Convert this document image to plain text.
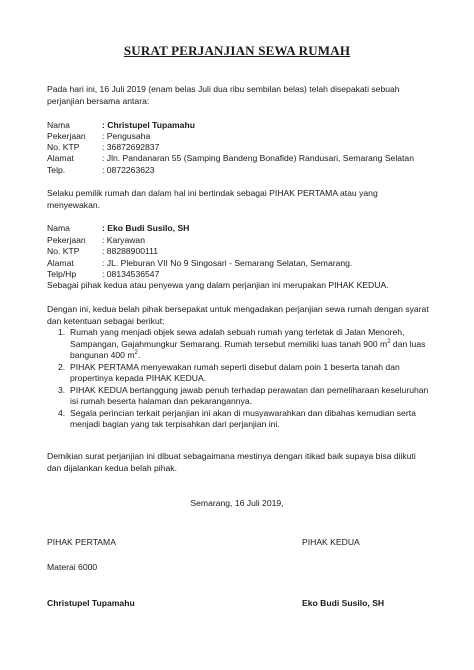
SURAT PERJANJIAN SEWA RUMAH
Pada hari ini, 16 Juli 2019 (enam belas Juli dua ribu sembilan belas) telah disepakati sebuah perjanjian bersama antara:
Nama	: Christupel Tupamahu
Pekerjaan : Pengusaha
No. KTP	: 36872692837
Alamat	: Jln. Pandanaran 55 (Samping Bandeng Bonafide) Randusari, Semarang Selatan
Telp.	: 0872263623
Selaku pemilik rumah dan dalam hal ini bertindak sebagai PIHAK PERTAMA atau yang menyewakan.
Nama	: Eko Budi Susilo, SH
Pekerjaan : Karyawan
No. KTP	: 88288900111
Alamat	: JL. Pleburan VII No 9 Singosari - Semarang Selatan, Semarang.
Telp/Hp	: 08134536547
Sebagai pihak kedua atau penyewa yang dalam perjanjian ini merupakan PIHAK KEDUA.
Dengan ini, kedua belah pihak bersepakat untuk mengadakan perjanjian sewa rumah dengan syarat dan ketentuan sebagai berikut:
1. Rumah yang menjadi objek sewa adalah sebuah rumah yang terletak di Jalan Menoreh, Sampangan, Gajahmungkur Semarang. Rumah tersebut memiliki luas tanah 900 $m^2$ dan luas bangunan 400 $m^2$.
2. PIHAK PERTAMA menyewakan rumah seperti disebut dalam poin 1 beserta tanah dan propertinya kepada PIHAK KEDUA.
3. PIHAK KEDUA bertanggung jawab penuh terhadap perawatan dan pemeliharaan keseluruhan isi rumah beserta halaman dan pekarangannya.
4. Segala perincian terkait perjanjian ini akan di musyawarahkan dan dibahas kemudian serta menjadi bagian yang tak terpisahkan dari perjanjian ini.
Demikian surat perjanjian ini dibuat sebagaimana mestinya dengan itikad baik supaya bisa diikuti dan dijalankan kedua belah pihak.
Semarang, 16 Juli 2019,
PIHAK PERTAMA	PIHAK KEDUA
Materai 6000
Christupel Tupamahu	Eko Budi Susilo, SH
